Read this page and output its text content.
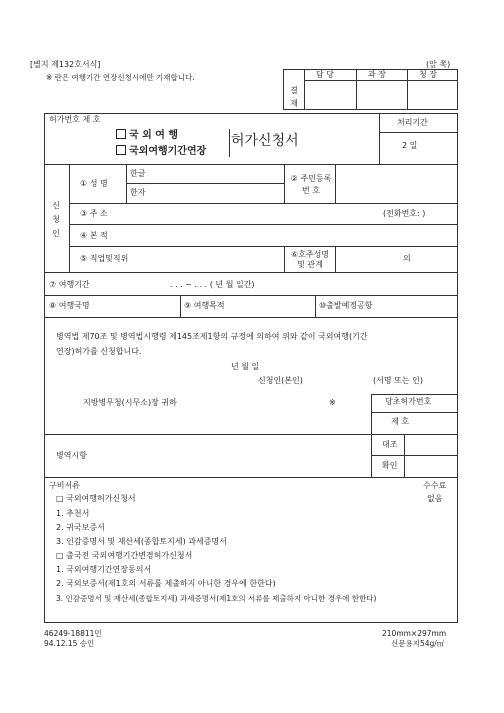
[별지 제132호서식]	(앞 쪽)
※ 란은 여행기간 연장신청시에만 기재합니다.
결 재
담 당	과 장	청 장
허가번호 제 호
국 외 여 행
국외여행기간연장
허가신청서
처리기간
2 일
신 청 인
① 성 명
한글
한자
② 주민등록 번 호
③ 주 소	(전화번호: )
④ 본 적
⑤ 직업및직위	⑥호주성명 및 관계
의
⑦ 여행기간	. . . ~ . . . ( 년 월 일간)
⑧ 여행국명	⑨ 여행목적	⑩출발예정공항
병역법 제70조 및 병역법시행령 제145조제1항의 규정에 의하여 위와 같이 국외여행(기간
연장)허가를 신청합니다.
년 월 일
신청인(본인)	(서명 또는 인)
지방병무청(시무소)장 귀하	※	당초허가번호
제 호
병역시항
대조
확인
구비서류	수수료
없음
□ 국외여행허가신청서
1. 추천서
2. 귀국보증서
3. 인감증명서 및 재산세(종합토지세) 과세증명서
□ 출국전 국외여행기간변경허가신청서
1. 국외여행기간연장동의서
2. 국외보증서(제1호의 서류를 제출하지 아니한 경우에 한한다)
3. 인감증명서 및 재산세(종합토지세) 과세증명서(제1호의 서류를 제출하지 아니한 경우에 한한다)
46249-18811민
94.12.15 승인
210mm×297mm
신문용지54g/㎡
